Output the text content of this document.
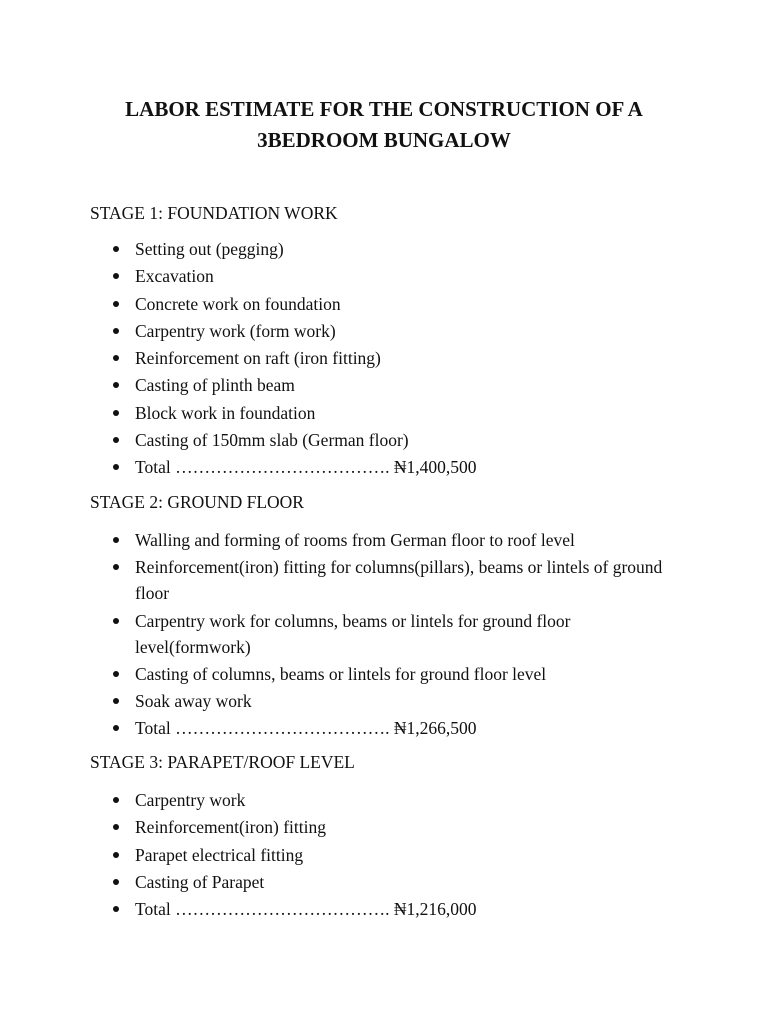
LABOR ESTIMATE FOR THE CONSTRUCTION OF A
3BEDROOM BUNGALOW
STAGE 1: FOUNDATION WORK
Setting out (pegging)
Excavation
Concrete work on foundation
Carpentry work (form work)
Reinforcement on raft (iron fitting)
Casting of plinth beam
Block work in foundation
Casting of 150mm slab (German floor)
Total ………………………………. ₦1,400,500
STAGE 2: GROUND FLOOR
Walling and forming of rooms from German floor to roof level
Reinforcement(iron) fitting for columns(pillars), beams or lintels of ground floor
Carpentry work for columns, beams or lintels for ground floor level(formwork)
Casting of columns, beams or lintels for ground floor level
Soak away work
Total ………………………………. ₦1,266,500
STAGE 3: PARAPET/ROOF LEVEL
Carpentry work
Reinforcement(iron) fitting
Parapet electrical fitting
Casting of Parapet
Total ………………………………. ₦1,216,000
